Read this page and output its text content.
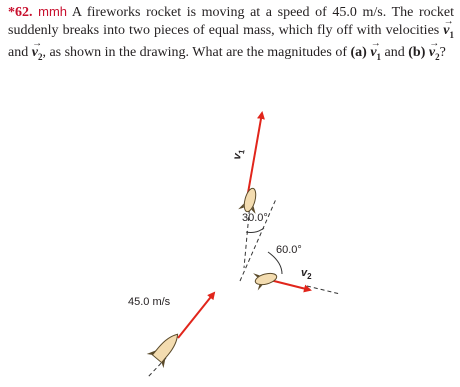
*62. mmh A fireworks rocket is moving at a speed of 45.0 m/s. The rocket suddenly breaks into two pieces of equal mass, which fly off with velocities → $v_1$ and → $v_2$, as shown in the drawing. What are the magnitudes of $(a) \to v_1$ and $(b) \to v_2$?
$v_1$
$v_2$
30.0°
60.0°
45.0 m/s
